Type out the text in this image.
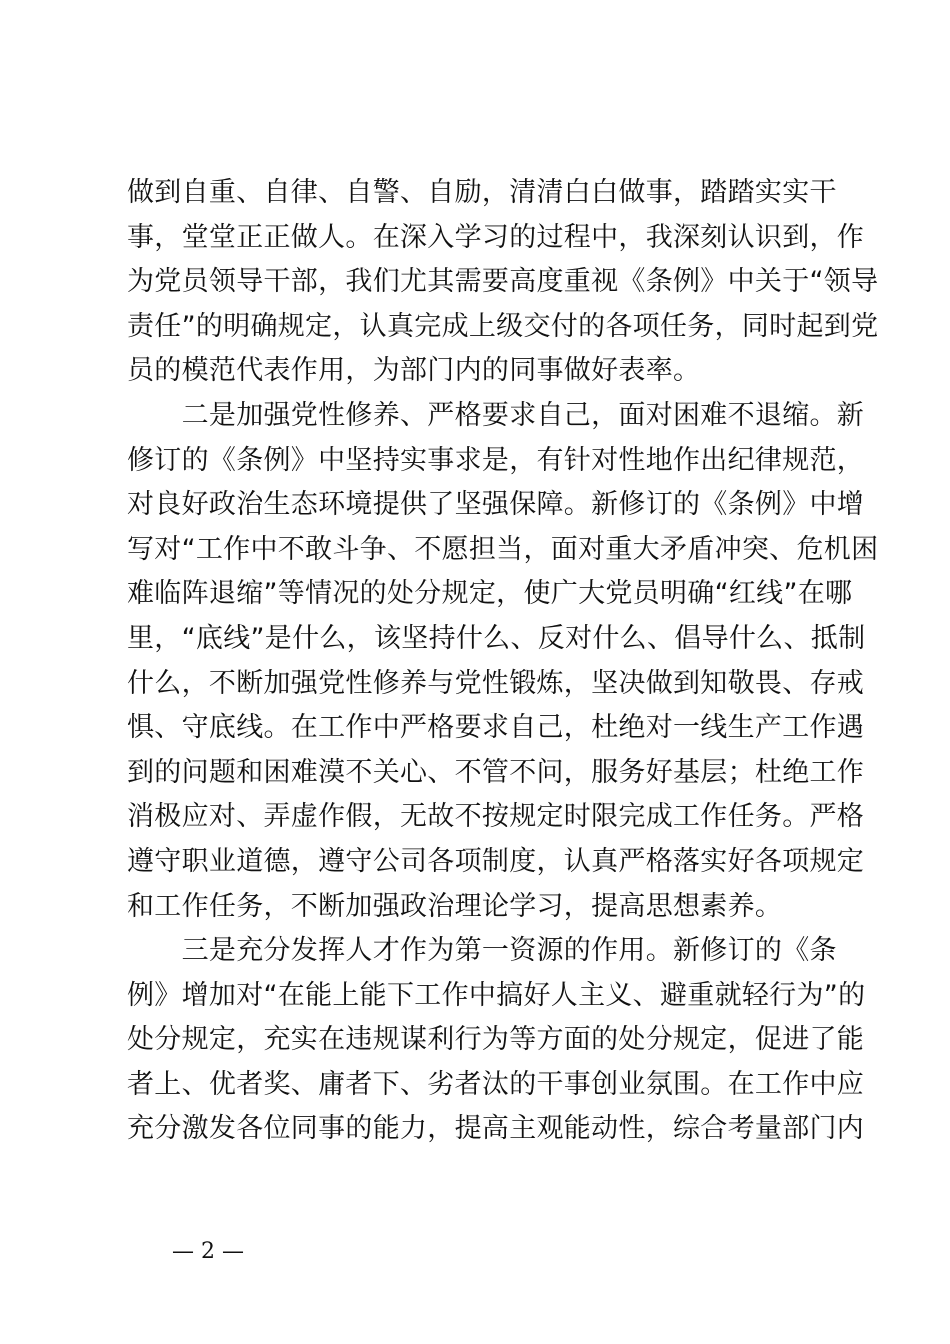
做到自重、自律、自警、自励，清清白白做事，踏踏实实干
事，堂堂正正做人。在深入学习的过程中，我深刻认识到，作
为党员领导干部，我们尤其需要高度重视《条例》中关于“领导
责任”的明确规定，认真完成上级交付的各项任务，同时起到党
员的模范代表作用，为部门内的同事做好表率。
　　二是加强党性修养、严格要求自己，面对困难不退缩。新
修订的《条例》中坚持实事求是，有针对性地作出纪律规范，
对良好政治生态环境提供了坚强保障。新修订的《条例》中增
写对“工作中不敢斗争、不愿担当，面对重大矛盾冲突、危机困
难临阵退缩”等情况的处分规定，使广大党员明确“红线”在哪
里，“底线”是什么，该坚持什么、反对什么、倡导什么、抵制
什么，不断加强党性修养与党性锻炼，坚决做到知敬畏、存戒
惧、守底线。在工作中严格要求自己，杜绝对一线生产工作遇
到的问题和困难漠不关心、不管不问，服务好基层；杜绝工作
消极应对、弄虚作假，无故不按规定时限完成工作任务。严格
遵守职业道德，遵守公司各项制度，认真严格落实好各项规定
和工作任务，不断加强政治理论学习，提高思想素养。
　　三是充分发挥人才作为第一资源的作用。新修订的《条
例》增加对“在能上能下工作中搞好人主义、避重就轻行为”的
处分规定，充实在违规谋利行为等方面的处分规定，促进了能
者上、优者奖、庸者下、劣者汰的干事创业氛围。在工作中应
充分激发各位同事的能力，提高主观能动性，综合考量部门内
— 2 —
